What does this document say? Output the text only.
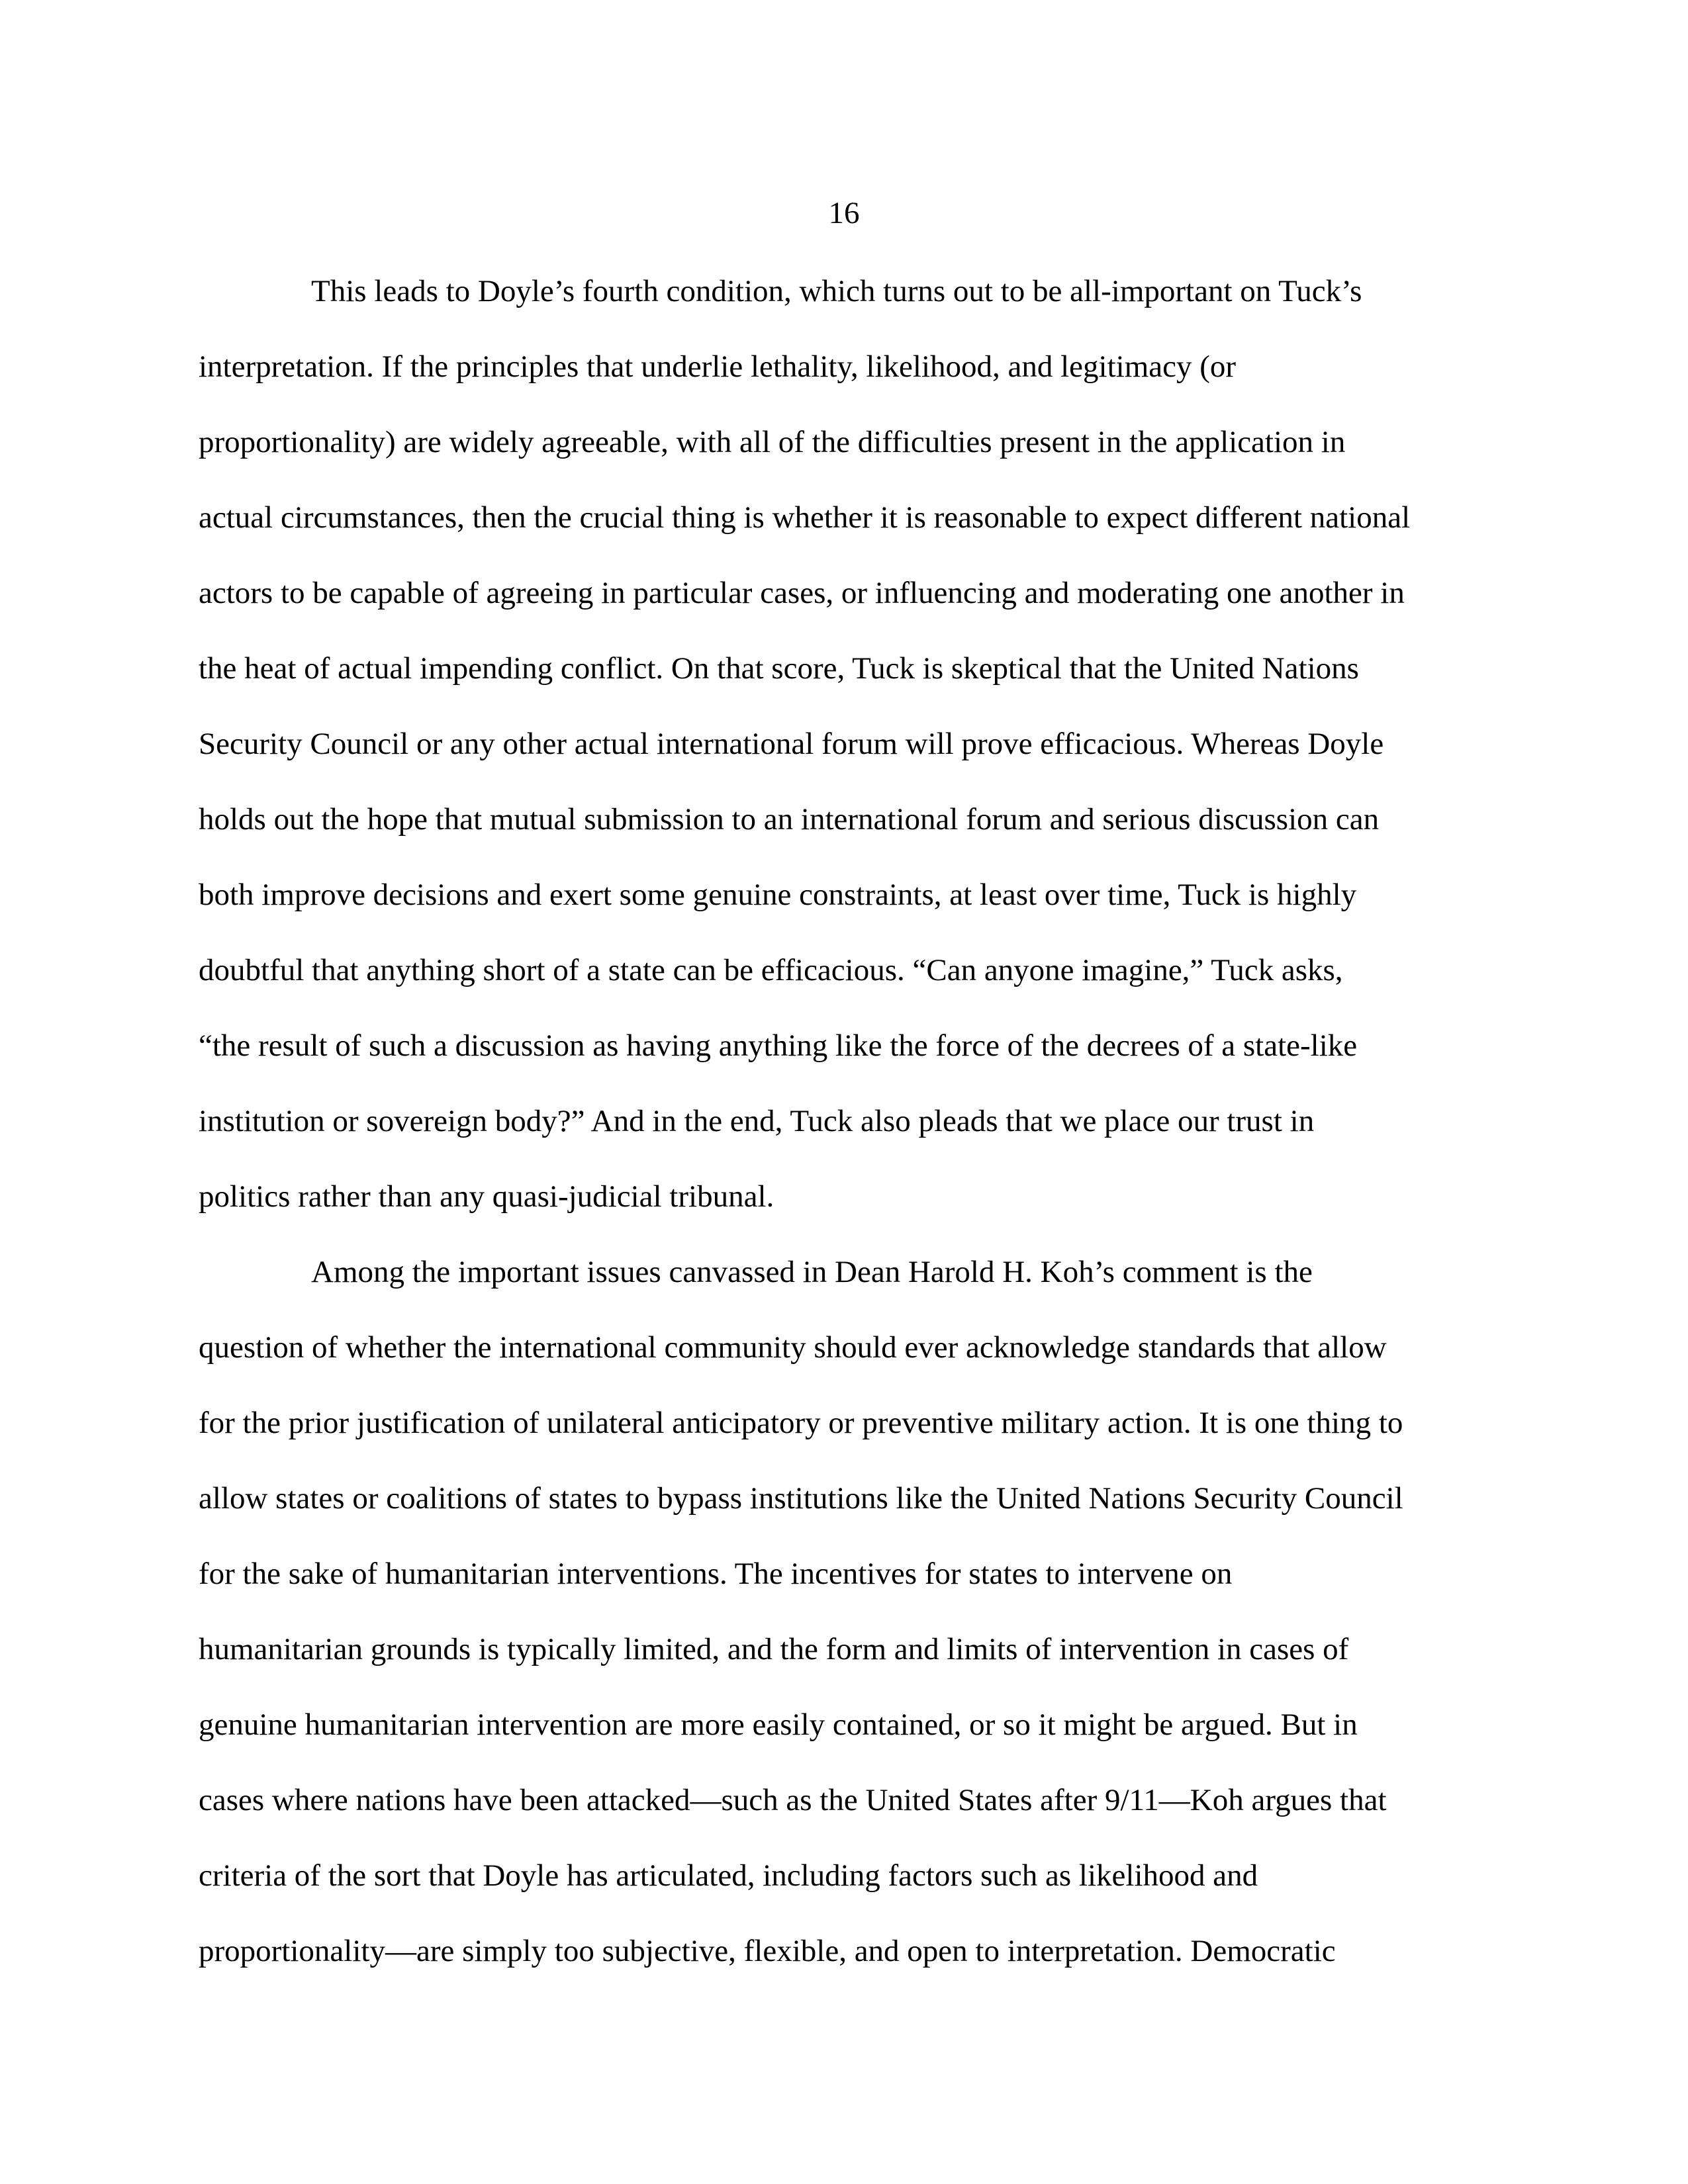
16
This leads to Doyle’s fourth condition, which turns out to be all-important on Tuck’s
interpretation. If the principles that underlie lethality, likelihood, and legitimacy (or
proportionality) are widely agreeable, with all of the difficulties present in the application in
actual circumstances, then the crucial thing is whether it is reasonable to expect different national
actors to be capable of agreeing in particular cases, or influencing and moderating one another in
the heat of actual impending conflict. On that score, Tuck is skeptical that the United Nations
Security Council or any other actual international forum will prove efficacious. Whereas Doyle
holds out the hope that mutual submission to an international forum and serious discussion can
both improve decisions and exert some genuine constraints, at least over time, Tuck is highly
doubtful that anything short of a state can be efficacious. “Can anyone imagine,” Tuck asks,
“the result of such a discussion as having anything like the force of the decrees of a state-like
institution or sovereign body?” And in the end, Tuck also pleads that we place our trust in
politics rather than any quasi-judicial tribunal.
Among the important issues canvassed in Dean Harold H. Koh’s comment is the
question of whether the international community should ever acknowledge standards that allow
for the prior justification of unilateral anticipatory or preventive military action. It is one thing to
allow states or coalitions of states to bypass institutions like the United Nations Security Council
for the sake of humanitarian interventions. The incentives for states to intervene on
humanitarian grounds is typically limited, and the form and limits of intervention in cases of
genuine humanitarian intervention are more easily contained, or so it might be argued. But in
cases where nations have been attacked—such as the United States after 9/11—Koh argues that
criteria of the sort that Doyle has articulated, including factors such as likelihood and
proportionality—are simply too subjective, flexible, and open to interpretation. Democratic
